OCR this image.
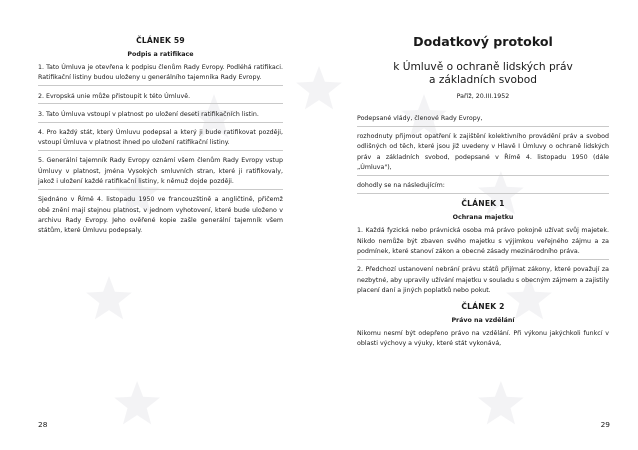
ČLÁNEK 59
Podpis a ratifikace

1. Tato Úmluva je otevřena k podpisu členům Rady Evropy. Podléhá ratifikaci. Ratifikační listiny budou uloženy u generálního tajemníka Rady Evropy.

2. Evropská unie může přistoupit k této Úmluvě.

3. Tato Úmluva vstoupí v platnost po uložení deseti ratifikačních listin.

4. Pro každý stát, který Úmluvu podepsal a který ji bude ratifikovat později, vstoupí Úmluva v platnost ihned po uložení ratifikační listiny.

5. Generální tajemník Rady Evropy oznámí všem členům Rady Evropy vstup Úmluvy v platnost, jména Vysokých smluvních stran, které ji ratifikovaly, jakož i uložení každé ratifikační listiny, k němuž dojde později.

Sjednáno v Římě 4. listopadu 1950 ve francouzštině a angličtině, přičemž obě znění mají stejnou platnost, v jednom vyhotovení, které bude uloženo v archivu Rady Evropy. Jeho ověřené kopie zašle generální tajemník všem státům, které Úmluvu podepsaly.

28
Dodatkový protokol
k Úmluvě o ochraně lidských práv
a základních svobod
Paříž, 20.III.1952

Podepsané vlády, členové Rady Evropy,

rozhodnuty přijmout opatření k zajištění kolektivního provádění práv a svobod odlišných od těch, které jsou již uvedeny v Hlavě I Úmluvy o ochraně lidských práv a základních svobod, podepsané v Římě 4. listopadu 1950 (dále „Úmluva"),

dohodly se na následujícím:

ČLÁNEK 1
Ochrana majetku

1. Každá fyzická nebo právnická osoba má právo pokojně užívat svůj majetek. Nikdo nemůže být zbaven svého majetku s výjimkou veřejného zájmu a za podmínek, které stanoví zákon a obecné zásady mezinárodního práva.

2. Předchozí ustanovení nebrání právu států přijímat zákony, které považují za nezbytné, aby upravily užívání majetku v souladu s obecným zájmem a zajistily placení daní a jiných poplatků nebo pokut.

ČLÁNEK 2
Právo na vzdělání

Nikomu nesmí být odepřeno právo na vzdělání. Při výkonu jakýchkoli funkcí v oblasti výchovy a výuky, které stát vykonává,

29
